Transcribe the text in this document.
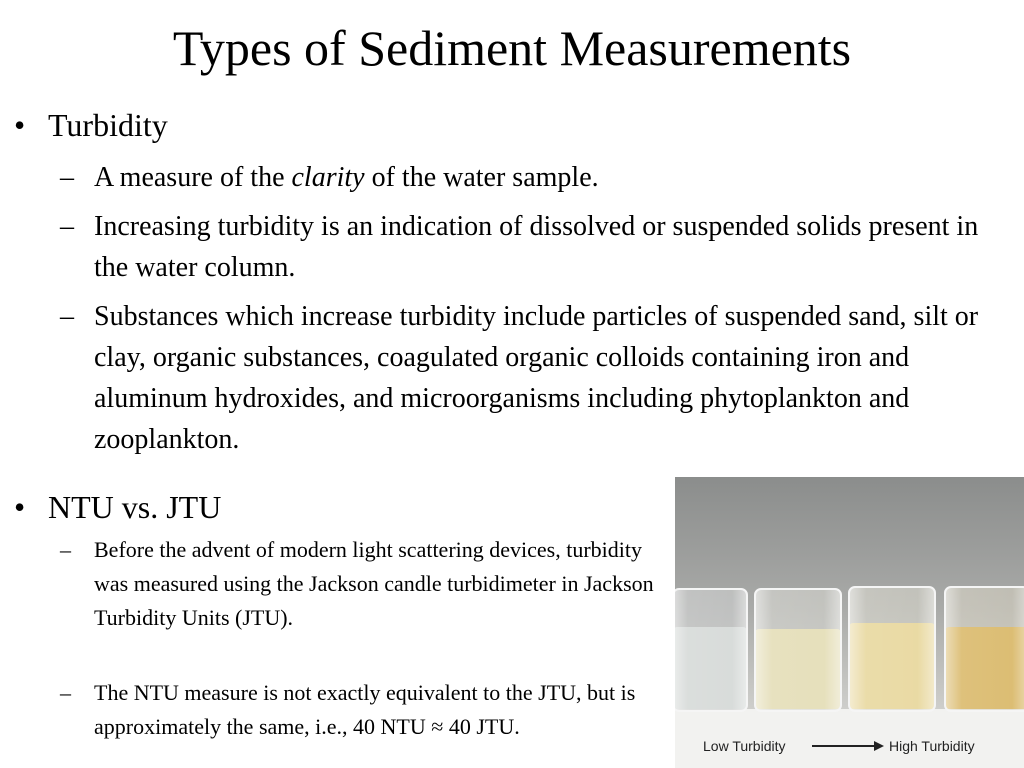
Types of Sediment Measurements
• Turbidity
– A measure of the clarity of the water sample.
– Increasing turbidity is an indication of dissolved or suspended solids present in the water column.
– Substances which increase turbidity include particles of suspended sand, silt or clay, organic substances, coagulated organic colloids containing iron and aluminum hydroxides, and microorganisms including phytoplankton and zooplankton.
• NTU vs. JTU
– Before the advent of modern light scattering devices, turbidity was measured using the Jackson candle turbidimeter in Jackson Turbidity Units (JTU).
– The NTU measure is not exactly equivalent to the JTU, but is approximately the same, i.e., 40 NTU ≈ 40 JTU.
Low Turbidity	High Turbidity
